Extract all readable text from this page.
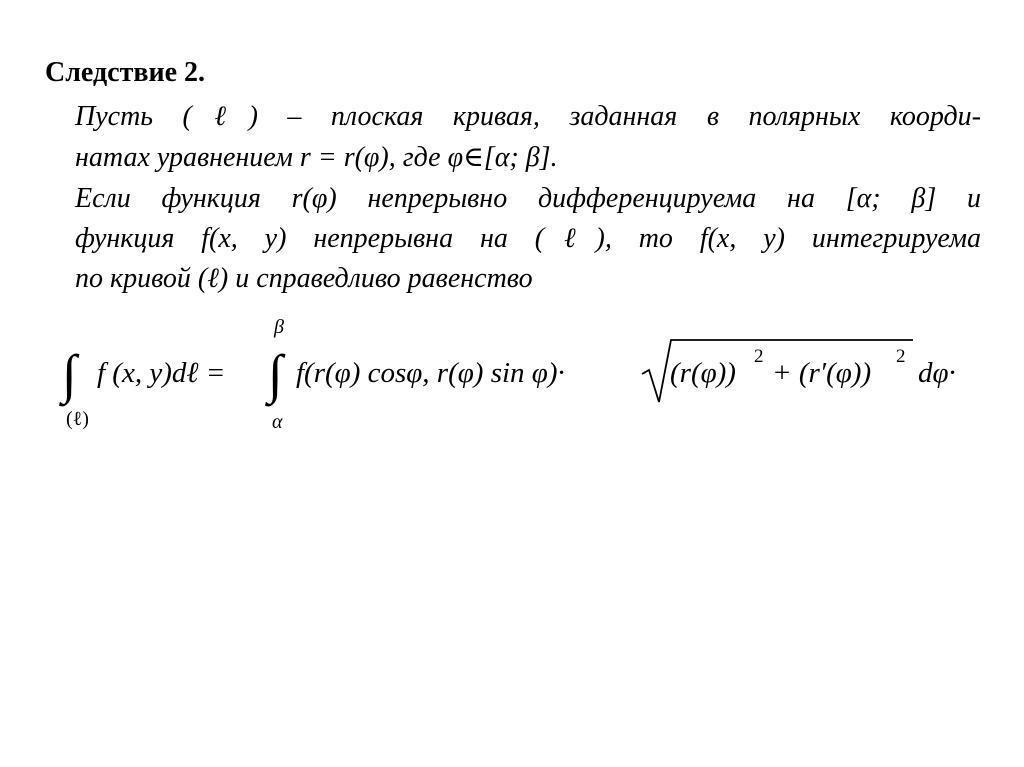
Следствие 2.
Пусть (ℓ) – плоская кривая, заданная в полярных коорди-
натах уравнением r = r(φ), где φ∈[α; β].
Если функция r(φ) непрерывно дифференцируема на [α; β] и
функция f(x, y) непрерывна на (ℓ), то f(x, y) интегрируема
по кривой (ℓ) и справедливо равенство
∫ f (x, y)dℓ =
(ℓ)
∫
β
α
f(r(φ) cosφ, r(φ) sin φ)·	(r(φ))
2
+ (r′(φ))
2
dφ·
